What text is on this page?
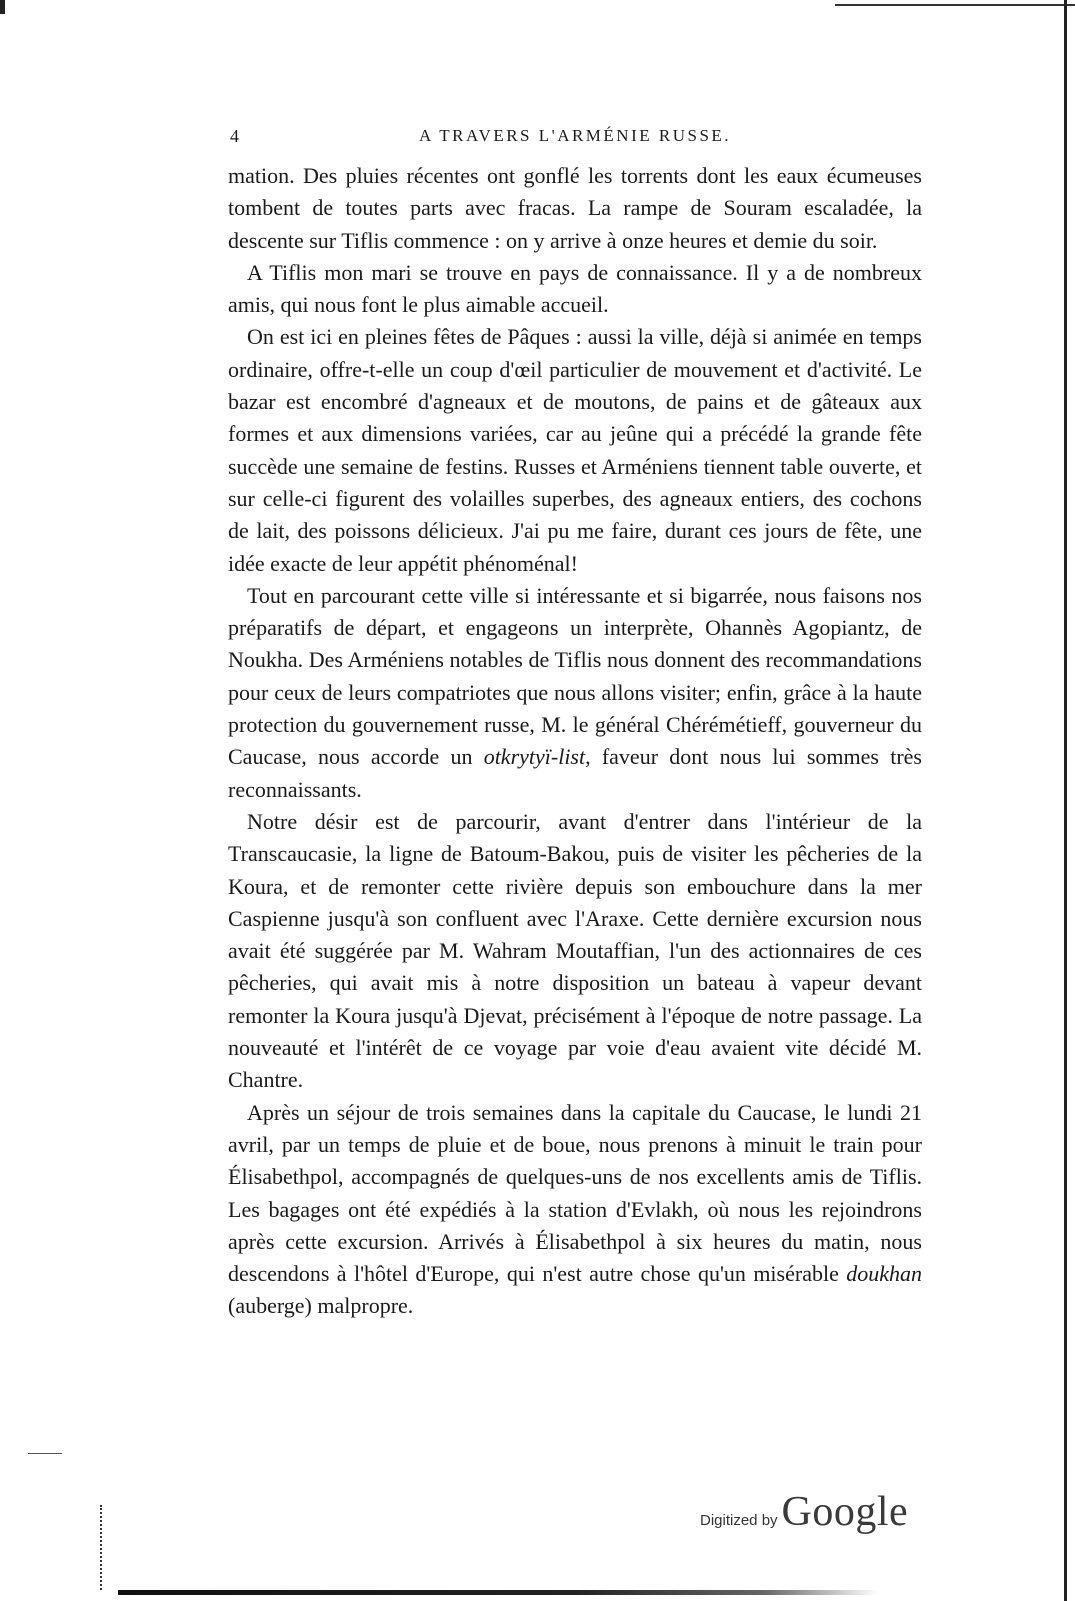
4	A TRAVERS L'ARMÉNIE RUSSE.

mation. Des pluies récentes ont gonflé les torrents dont les eaux écumeuses tombent de toutes parts avec fracas. La rampe de Souram escaladée, la descente sur Tiflis commence : on y arrive à onze heures et demie du soir.

A Tiflis mon mari se trouve en pays de connaissance. Il y a de nombreux amis, qui nous font le plus aimable accueil.

On est ici en pleines fêtes de Pâques : aussi la ville, déjà si animée en temps ordinaire, offre-t-elle un coup d'œil particulier de mouvement et d'activité. Le bazar est encombré d'agneaux et de moutons, de pains et de gâteaux aux formes et aux dimensions variées, car au jeûne qui a précédé la grande fête succède une semaine de festins. Russes et Arméniens tiennent table ouverte, et sur celle-ci figurent des volailles superbes, des agneaux entiers, des cochons de lait, des poissons délicieux. J'ai pu me faire, durant ces jours de fête, une idée exacte de leur appétit phénoménal!

Tout en parcourant cette ville si intéressante et si bigarrée, nous faisons nos préparatifs de départ, et engageons un interprète, Ohannès Agopiantz, de Noukha. Des Arméniens notables de Tiflis nous donnent des recommandations pour ceux de leurs compatriotes que nous allons visiter; enfin, grâce à la haute protection du gouvernement russe, M. le général Chérémétieff, gouverneur du Caucase, nous accorde un otkrytyï-list, faveur dont nous lui sommes très reconnaissants.

Notre désir est de parcourir, avant d'entrer dans l'intérieur de la Transcaucasie, la ligne de Batoum-Bakou, puis de visiter les pêcheries de la Koura, et de remonter cette rivière depuis son embouchure dans la mer Caspienne jusqu'à son confluent avec l'Araxe. Cette dernière excursion nous avait été suggérée par M. Wahram Moutaffian, l'un des actionnaires de ces pêcheries, qui avait mis à notre disposition un bateau à vapeur devant remonter la Koura jusqu'à Djevat, précisément à l'époque de notre passage. La nouveauté et l'intérêt de ce voyage par voie d'eau avaient vite décidé M. Chantre.

Après un séjour de trois semaines dans la capitale du Caucase, le lundi 21 avril, par un temps de pluie et de boue, nous prenons à minuit le train pour Élisabethpol, accompagnés de quelques-uns de nos excellents amis de Tiflis. Les bagages ont été expédiés à la station d'Evlakh, où nous les rejoindrons après cette excursion. Arrivés à Élisabethpol à six heures du matin, nous descendons à l'hôtel d'Europe, qui n'est autre chose qu'un misérable doukhan (auberge) malpropre.

Digitized by Google
